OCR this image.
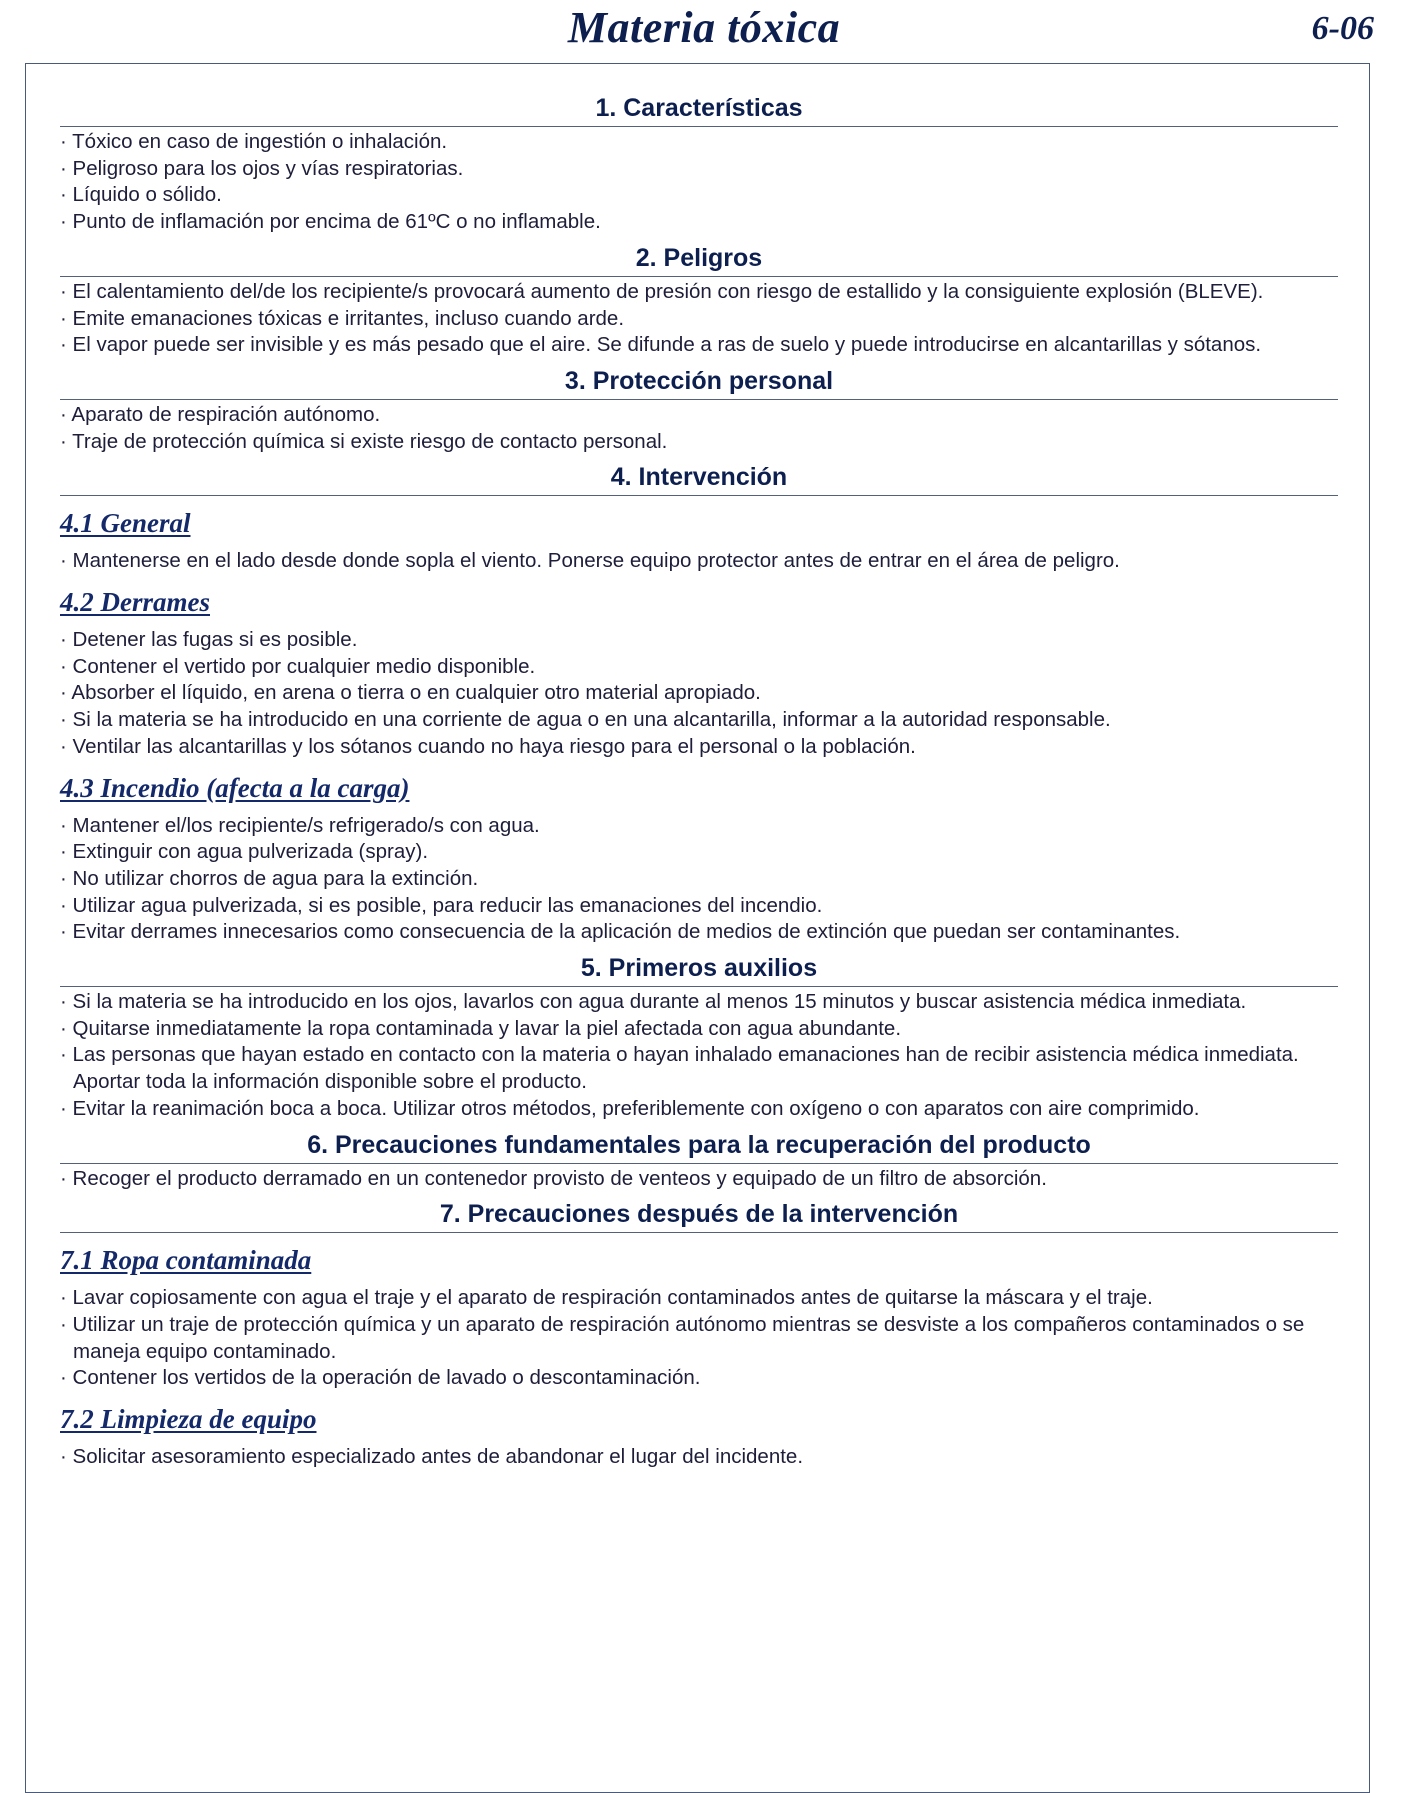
Materia tóxica	6-06
1. Características
· Tóxico en caso de ingestión o inhalación.
· Peligroso para los ojos y vías respiratorias.
· Líquido o sólido.
· Punto de inflamación por encima de 61ºC o no inflamable.
2. Peligros
· El calentamiento del/de los recipiente/s provocará aumento de presión con riesgo de estallido y la consiguiente explosión (BLEVE).
· Emite emanaciones tóxicas e irritantes, incluso cuando arde.
· El vapor puede ser invisible y es más pesado que el aire. Se difunde a ras de suelo y puede introducirse en alcantarillas y sótanos.
3. Protección personal
· Aparato de respiración autónomo.
· Traje de protección química si existe riesgo de contacto personal.
4. Intervención
4.1 General
· Mantenerse en el lado desde donde sopla el viento. Ponerse equipo protector antes de entrar en el área de peligro.
4.2 Derrames
· Detener las fugas si es posible.
· Contener el vertido por cualquier medio disponible.
· Absorber el líquido, en arena o tierra o en cualquier otro material apropiado.
· Si la materia se ha introducido en una corriente de agua o en una alcantarilla, informar a la autoridad responsable.
· Ventilar las alcantarillas y los sótanos cuando no haya riesgo para el personal o la población.
4.3 Incendio (afecta a la carga)
· Mantener el/los recipiente/s refrigerado/s con agua.
· Extinguir con agua pulverizada (spray).
· No utilizar chorros de agua para la extinción.
· Utilizar agua pulverizada, si es posible, para reducir las emanaciones del incendio.
· Evitar derrames innecesarios como consecuencia de la aplicación de medios de extinción que puedan ser contaminantes.
5. Primeros auxilios
· Si la materia se ha introducido en los ojos, lavarlos con agua durante al menos 15 minutos y buscar asistencia médica inmediata.
· Quitarse inmediatamente la ropa contaminada y lavar la piel afectada con agua abundante.
· Las personas que hayan estado en contacto con la materia o hayan inhalado emanaciones han de recibir asistencia médica inmediata. Aportar toda la información disponible sobre el producto.
· Evitar la reanimación boca a boca. Utilizar otros métodos, preferiblemente con oxígeno o con aparatos con aire comprimido.
6. Precauciones fundamentales para la recuperación del producto
· Recoger el producto derramado en un contenedor provisto de venteos y equipado de un filtro de absorción.
7. Precauciones después de la intervención
7.1 Ropa contaminada
· Lavar copiosamente con agua el traje y el aparato de respiración contaminados antes de quitarse la máscara y el traje.
· Utilizar un traje de protección química y un aparato de respiración autónomo mientras se desviste a los compañeros contaminados o se maneja equipo contaminado.
· Contener los vertidos de la operación de lavado o descontaminación.
7.2 Limpieza de equipo
· Solicitar asesoramiento especializado antes de abandonar el lugar del incidente.
